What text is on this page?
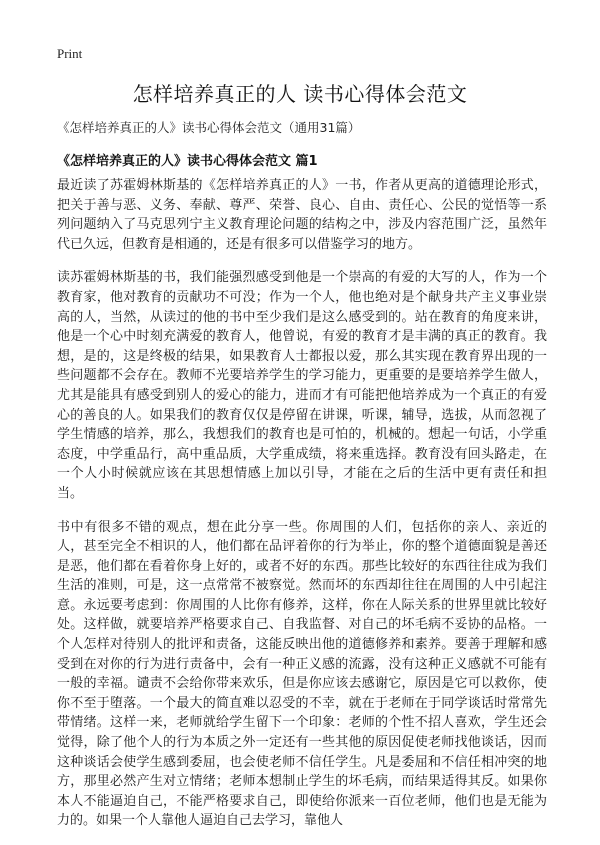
Print
怎样培养真正的人 读书心得体会范文

《怎样培养真正的人》读书心得体会范文（通用31篇）

《怎样培养真正的人》读书心得体会范文 篇1

最近读了苏霍姆林斯基的《怎样培养真正的人》一书，作者从更高的道德理论形式，把关于善与恶、义务、奉献、尊严、荣誉、良心、自由、责任心、公民的觉悟等一系列问题纳入了马克思列宁主义教育理论问题的结构之中，涉及内容范围广泛，虽然年代已久远，但教育是相通的，还是有很多可以借鉴学习的地方。

读苏霍姆林斯基的书，我们能强烈感受到他是一个崇高的有爱的大写的人，作为一个教育家，他对教育的贡献功不可没；作为一个人，他也绝对是个献身共产主义事业崇高的人，当然，从读过的他的书中至少我们是这么感受到的。站在教育的角度来讲，他是一个心中时刻充满爱的教育人，他曾说，有爱的教育才是丰满的真正的教育。我想，是的，这是终极的结果，如果教育人士都报以爱，那么其实现在教育界出现的一些问题都不会存在。教师不光要培养学生的学习能力，更重要的是要培养学生做人，尤其是能具有感受到别人的爱心的能力，进而才有可能把他培养成为一个真正的有爱心的善良的人。如果我们的教育仅仅是停留在讲课，听课，辅导，选拔，从而忽视了学生情感的培养，那么，我想我们的教育也是可怕的，机械的。想起一句话，小学重态度，中学重品行，高中重品质，大学重成绩，将来重选择。教育没有回头路走，在一个人小时候就应该在其思想情感上加以引导，才能在之后的生活中更有责任和担当。

书中有很多不错的观点，想在此分享一些。你周围的人们，包括你的亲人、亲近的人，甚至完全不相识的人，他们都在品评着你的行为举止，你的整个道德面貌是善还是恶，他们都在看着你身上好的，或者不好的东西。那些比较好的东西往往成为我们生活的准则，可是，这一点常常不被察觉。然而坏的东西却往往在周围的人中引起注意。永远要考虑到：你周围的人比你有修养，这样，你在人际关系的世界里就比较好处。这样做，就要培养严格要求自己、自我监督、对自己的坏毛病不妥协的品格。一个人怎样对待别人的批评和责备，这能反映出他的道德修养和素养。要善于理解和感受到在对你的行为进行责备中，会有一种正义感的流露，没有这种正义感就不可能有一般的幸福。谴责不会给你带来欢乐，但是你应该去感谢它，原因是它可以救你，使你不至于堕落。一个最大的简直难以忍受的不幸，就在于老师在于同学谈话时常常先带情绪。这样一来，老师就给学生留下一个印象：老师的个性不招人喜欢，学生还会觉得，除了他个人的行为本质之外一定还有一些其他的原因促使老师找他谈话，因而这种谈话会使学生感到委屈，也会使老师不信任学生。凡是委屈和不信任相冲突的地方，那里必然产生对立情绪；老师本想制止学生的坏毛病，而结果适得其反。如果你本人不能逼迫自己，不能严格要求自己，即使给你派来一百位老师，他们也是无能为力的。如果一个人靠他人逼迫自己去学习，靠他人
